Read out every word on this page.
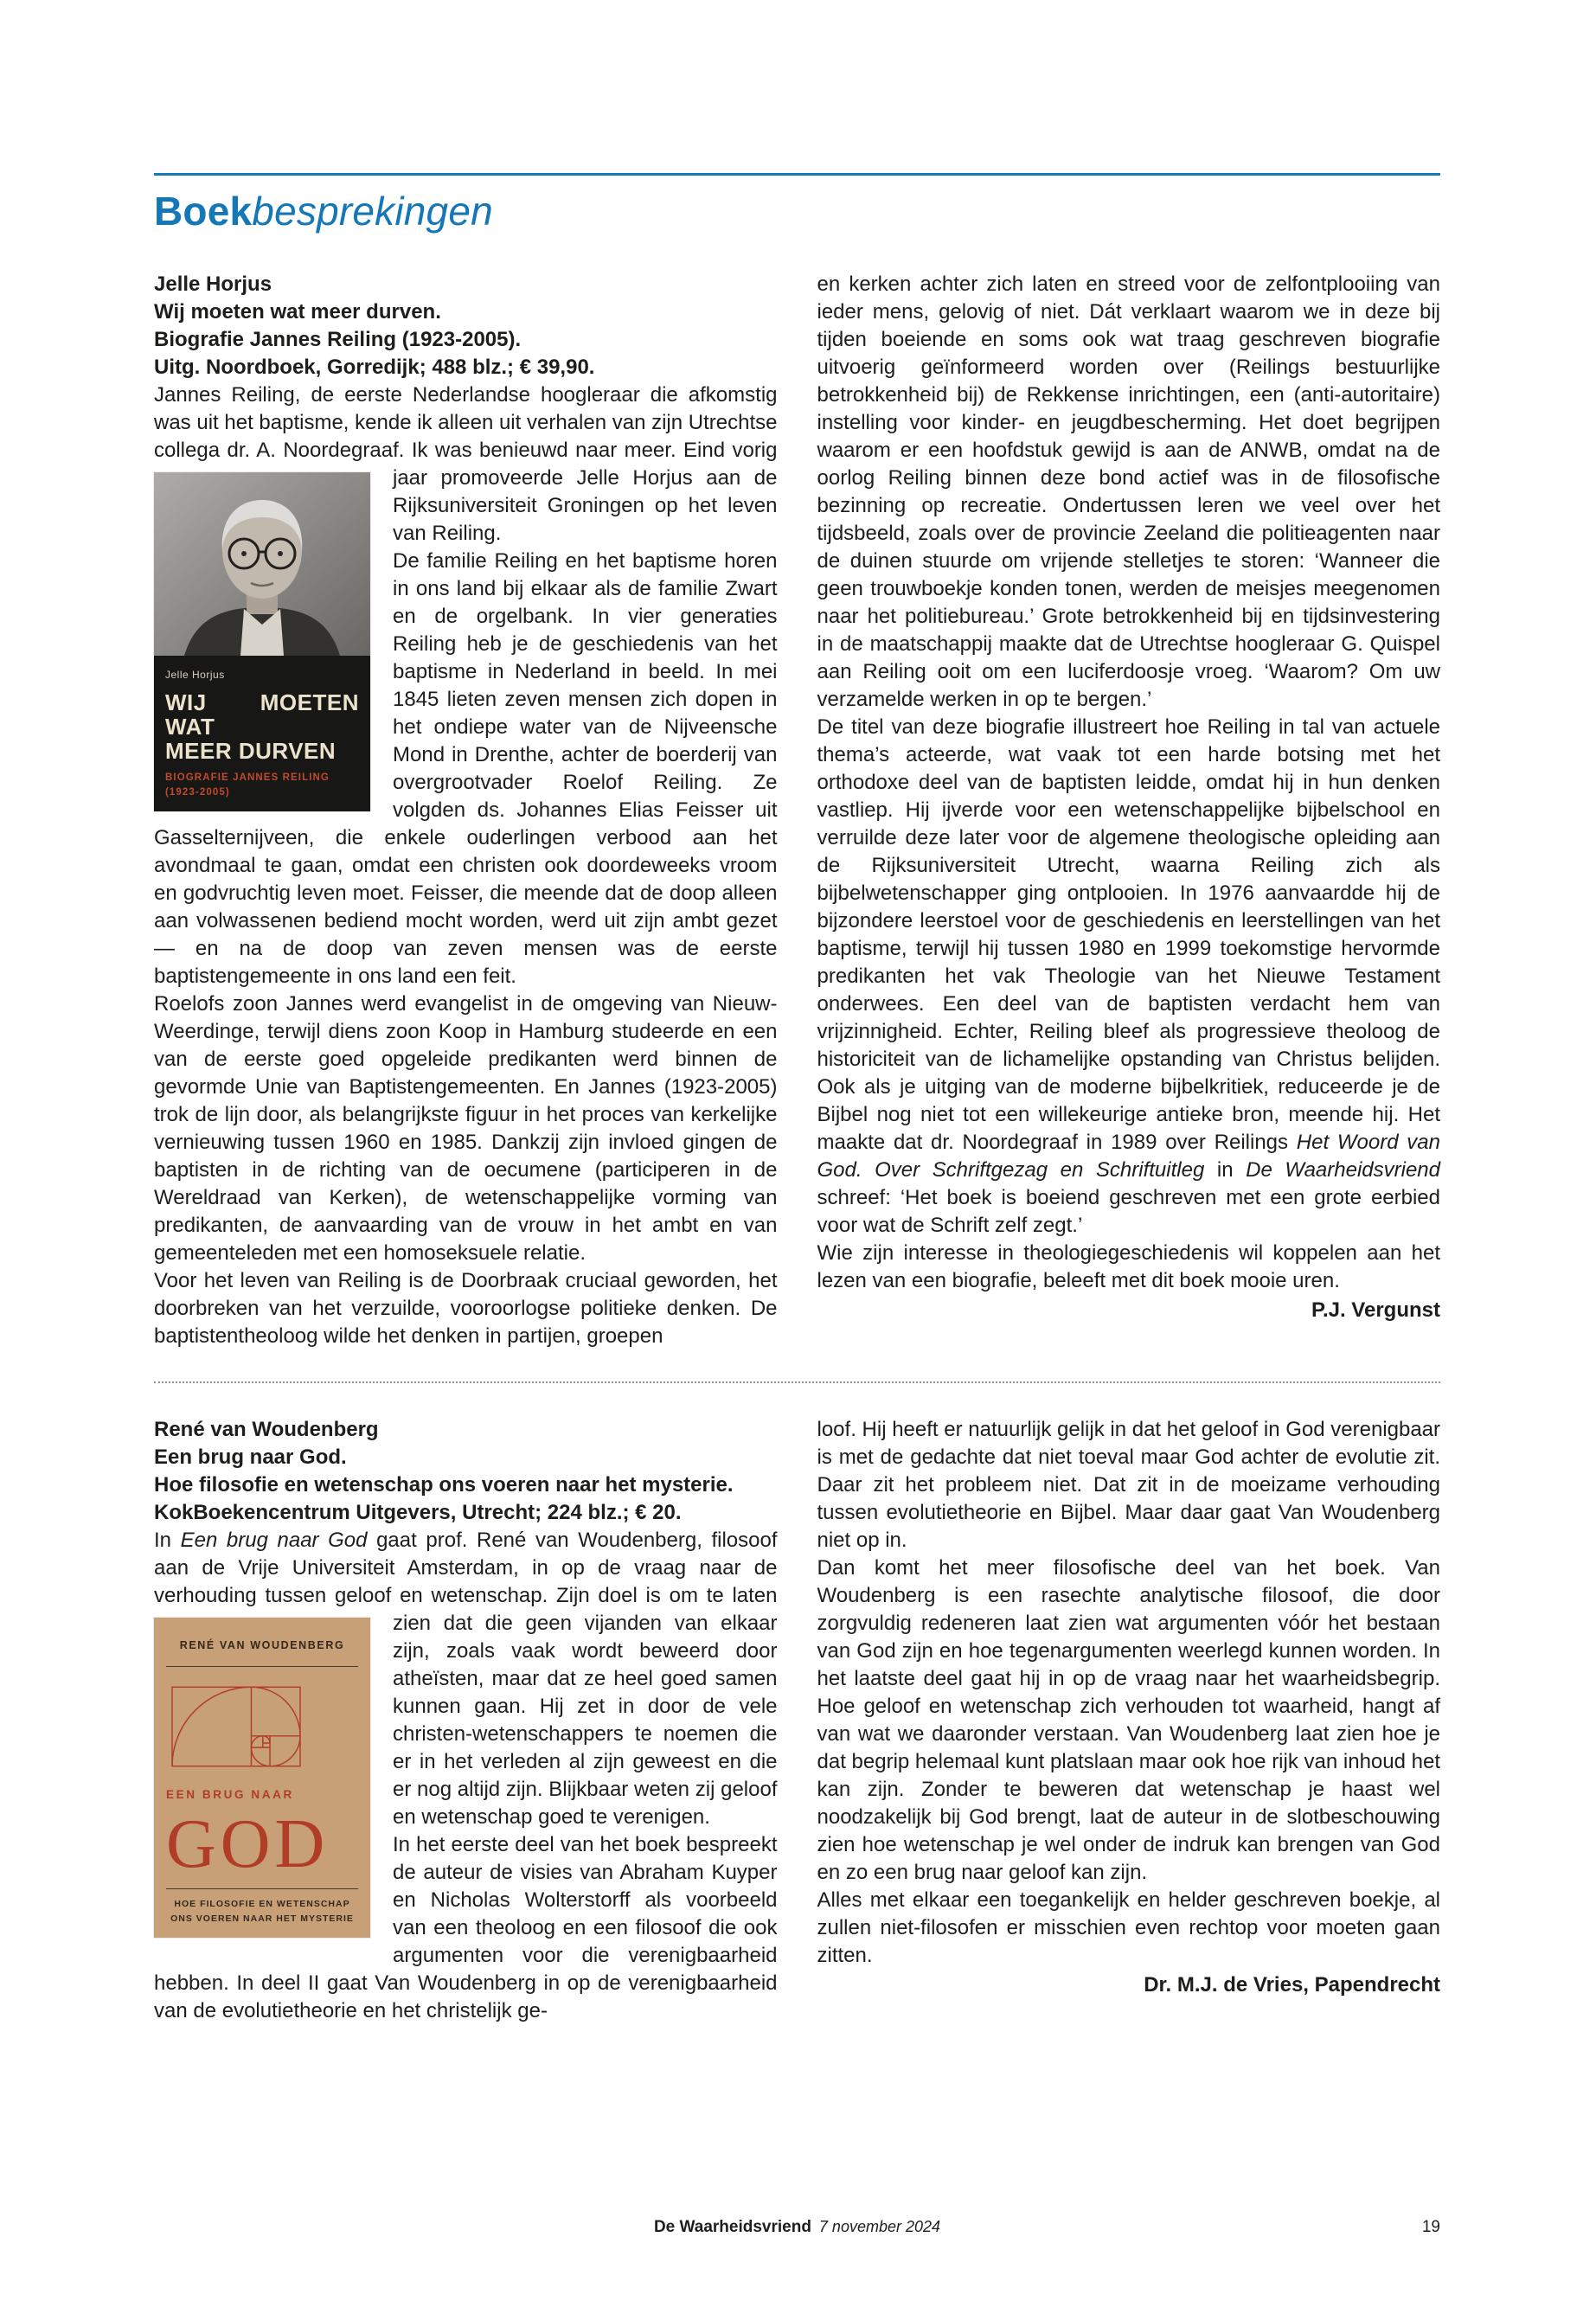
Boekbesprekingen
Jelle Horjus
Wij moeten wat meer durven.
Biografie Jannes Reiling (1923-2005).
Uitg. Noordboek, Gorredijk; 488 blz.; € 39,90.
Jannes Reiling, de eerste Nederlandse hoogleraar die afkomstig was uit het baptisme, kende ik alleen uit verhalen van zijn Utrechtse collega dr. A. Noordegraaf. Ik was benieuwd naar meer. Eind
Jelle Horjus
WIJ MOETEN WAT
MEER DURVEN
BIOGRAFIE JANNES REILING
(1923-2005)
vorig jaar promoveerde Jelle Horjus aan de Rijksuniversiteit Groningen op het leven van Reiling.
De familie Reiling en het baptisme horen in ons land bij elkaar als de familie Zwart en de orgelbank. In vier generaties Reiling heb je de geschiedenis van het baptisme in Nederland in beeld. In mei 1845 lieten zeven mensen zich dopen in het ondiepe water van de Nijveensche Mond in Drenthe, achter de boerderij van overgrootvader Roelof Reiling. Ze volgden ds. Johannes Elias Feisser uit Gasselternijveen, die enkele ouderlingen verbood aan het avondmaal te gaan, omdat een christen ook doordeweeks vroom en godvruchtig leven moet. Feisser, die meende dat de doop alleen aan volwassenen bediend mocht worden, werd uit zijn ambt gezet — en na de doop van zeven mensen was de eerste baptistengemeente in ons land een feit.
Roelofs zoon Jannes werd evangelist in de omgeving van Nieuw-Weerdinge, terwijl diens zoon Koop in Hamburg studeerde en een van de eerste goed opgeleide predikanten werd binnen de gevormde Unie van Baptistengemeenten. En Jannes (1923-2005) trok de lijn door, als belangrijkste figuur in het proces van kerkelijke vernieuwing tussen 1960 en 1985. Dankzij zijn invloed gingen de baptisten in de richting van de oecumene (participeren in de Wereldraad van Kerken), de wetenschappelijke vorming van predikanten, de aanvaarding van de vrouw in het ambt en van gemeenteleden met een homoseksuele relatie.
Voor het leven van Reiling is de Doorbraak cruciaal geworden, het doorbreken van het verzuilde, vooroorlogse politieke denken. De baptistentheoloog wilde het denken in partijen, groepen
en kerken achter zich laten en streed voor de zelfontplooiing van ieder mens, gelovig of niet. Dát verklaart waarom we in deze bij tijden boeiende en soms ook wat traag geschreven biografie uitvoerig geïnformeerd worden over (Reilings bestuurlijke betrokkenheid bij) de Rekkense inrichtingen, een (anti-autoritaire) instelling voor kinder- en jeugdbescherming. Het doet begrijpen waarom er een hoofdstuk gewijd is aan de ANWB, omdat na de oorlog Reiling binnen deze bond actief was in de filosofische bezinning op recreatie. Ondertussen leren we veel over het tijdsbeeld, zoals over de provincie Zeeland die politieagenten naar de duinen stuurde om vrijende stelletjes te storen: ‘Wanneer die geen trouwboekje konden tonen, werden de meisjes meegenomen naar het politiebureau.’ Grote betrokkenheid bij en tijdsinvestering in de maatschappij maakte dat de Utrechtse hoogleraar G. Quispel aan Reiling ooit om een luciferdoosje vroeg. ‘Waarom? Om uw verzamelde werken in op te bergen.’
De titel van deze biografie illustreert hoe Reiling in tal van actuele thema’s acteerde, wat vaak tot een harde botsing met het orthodoxe deel van de baptisten leidde, omdat hij in hun denken vastliep. Hij ijverde voor een wetenschappelijke bijbelschool en verruilde deze later voor de algemene theologische opleiding aan de Rijksuniversiteit Utrecht, waarna Reiling zich als bijbelwetenschapper ging ontplooien. In 1976 aanvaardde hij de bijzondere leerstoel voor de geschiedenis en leerstellingen van het baptisme, terwijl hij tussen 1980 en 1999 toekomstige hervormde predikanten het vak Theologie van het Nieuwe Testament onderwees. Een deel van de baptisten verdacht hem van vrijzinnigheid. Echter, Reiling bleef als progressieve theoloog de historiciteit van de lichamelijke opstanding van Christus belijden. Ook als je uitging van de moderne bijbelkritiek, reduceerde je de Bijbel nog niet tot een willekeurige antieke bron, meende hij. Het maakte dat dr. Noordegraaf in 1989 over Reilings Het Woord van God. Over Schriftgezag en Schriftuitleg in De Waarheidsvriend schreef: ‘Het boek is boeiend geschreven met een grote eerbied voor wat de Schrift zelf zegt.’
Wie zijn interesse in theologiegeschiedenis wil koppelen aan het lezen van een biografie, beleeft met dit boek mooie uren.
P.J. Vergunst
René van Woudenberg
Een brug naar God.
Hoe filosofie en wetenschap ons voeren naar het mysterie.
KokBoekencentrum Uitgevers, Utrecht; 224 blz.; € 20.
In Een brug naar God gaat prof. René van Woudenberg, filosoof aan de Vrije Universiteit Amsterdam, in op de vraag naar de verhouding tussen geloof en wetenschap. Zijn doel is om te laten
RENÉ VAN WOUDENBERG
EEN BRUG NAAR
GOD
HOE FILOSOFIE EN WETENSCHAP
ONS VOEREN NAAR HET MYSTERIE
zien dat die geen vijanden van elkaar zijn, zoals vaak wordt beweerd door atheïsten, maar dat ze heel goed samen kunnen gaan. Hij zet in door de vele christen-wetenschappers te noemen die er in het verleden al zijn geweest en die er nog altijd zijn. Blijkbaar weten zij geloof en wetenschap goed te verenigen.
In het eerste deel van het boek bespreekt de auteur de visies van Abraham Kuyper en Nicholas Wolterstorff als voorbeeld van een theoloog en een filosoof die ook argumenten voor die verenigbaarheid hebben. In deel II gaat Van Woudenberg in op de verenigbaarheid van de evolutietheorie en het christelijk ge-
loof. Hij heeft er natuurlijk gelijk in dat het geloof in God verenigbaar is met de gedachte dat niet toeval maar God achter de evolutie zit. Daar zit het probleem niet. Dat zit in de moeizame verhouding tussen evolutietheorie en Bijbel. Maar daar gaat Van Woudenberg niet op in.
Dan komt het meer filosofische deel van het boek. Van Woudenberg is een rasechte analytische filosoof, die door zorgvuldig redeneren laat zien wat argumenten vóór het bestaan van God zijn en hoe tegenargumenten weerlegd kunnen worden. In het laatste deel gaat hij in op de vraag naar het waarheidsbegrip. Hoe geloof en wetenschap zich verhouden tot waarheid, hangt af van wat we daaronder verstaan. Van Woudenberg laat zien hoe je dat begrip helemaal kunt platslaan maar ook hoe rijk van inhoud het kan zijn. Zonder te beweren dat wetenschap je haast wel noodzakelijk bij God brengt, laat de auteur in de slotbeschouwing zien hoe wetenschap je wel onder de indruk kan brengen van God en zo een brug naar geloof kan zijn.
Alles met elkaar een toegankelijk en helder geschreven boekje, al zullen niet-filosofen er misschien even rechtop voor moeten gaan zitten.
Dr. M.J. de Vries, Papendrecht
De Waarheidsvriend 7 november 2024	19
